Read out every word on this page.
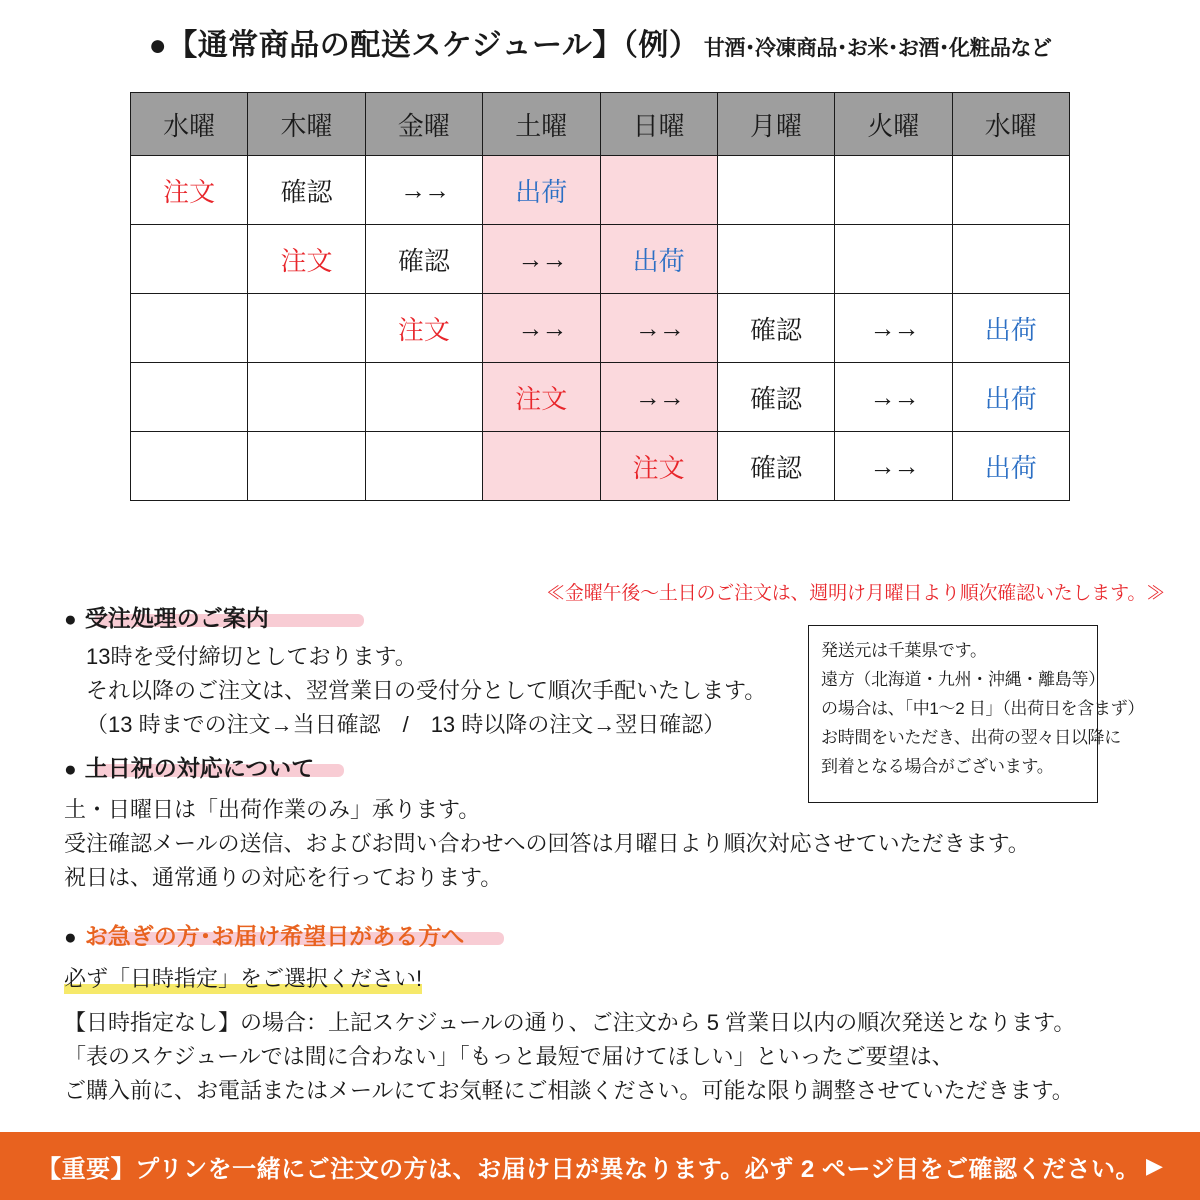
●【通常商品の配送スケジュール】（例） 甘酒･冷凍商品･お米･お酒･化粧品など
水曜	木曜	金曜	土曜	日曜	月曜	火曜	水曜
注文	確認	→→	出荷				
	注文	確認	→→	出荷			
		注文	→→	→→	確認	→→	出荷
			注文	→→	確認	→→	出荷
				注文	確認	→→	出荷
≪金曜午後〜土日のご注文は、週明け月曜日より順次確認いたします。≫
● 受注処理のご案内
13時を受付締切としております。
それ以降のご注文は、翌営業日の受付分として順次手配いたします。
（13 時までの注文→当日確認　/　13 時以降の注文→翌日確認）
発送元は千葉県です。
遠方（北海道・九州・沖縄・離島等）
の場合は、「中1〜2 日」（出荷日を含まず）
お時間をいただき、出荷の翌々日以降に
到着となる場合がございます。
● 土日祝の対応について
土・日曜日は「出荷作業のみ」承ります。
受注確認メールの送信、およびお問い合わせへの回答は月曜日より順次対応させていただきます。
祝日は、通常通りの対応を行っております。
● お急ぎの方･お届け希望日がある方へ
必ず「日時指定」をご選択ください!
【日時指定なし】の場合：上記スケジュールの通り、ご注文から 5 営業日以内の順次発送となります。
「表のスケジュールでは間に合わない」「もっと最短で届けてほしい」といったご要望は、
ご購入前に、お電話またはメールにてお気軽にご相談ください。可能な限り調整させていただきます。
【重要】プリンを一緒にご注文の方は、お届け日が異なります。必ず 2 ページ目をご確認ください。 ▶
